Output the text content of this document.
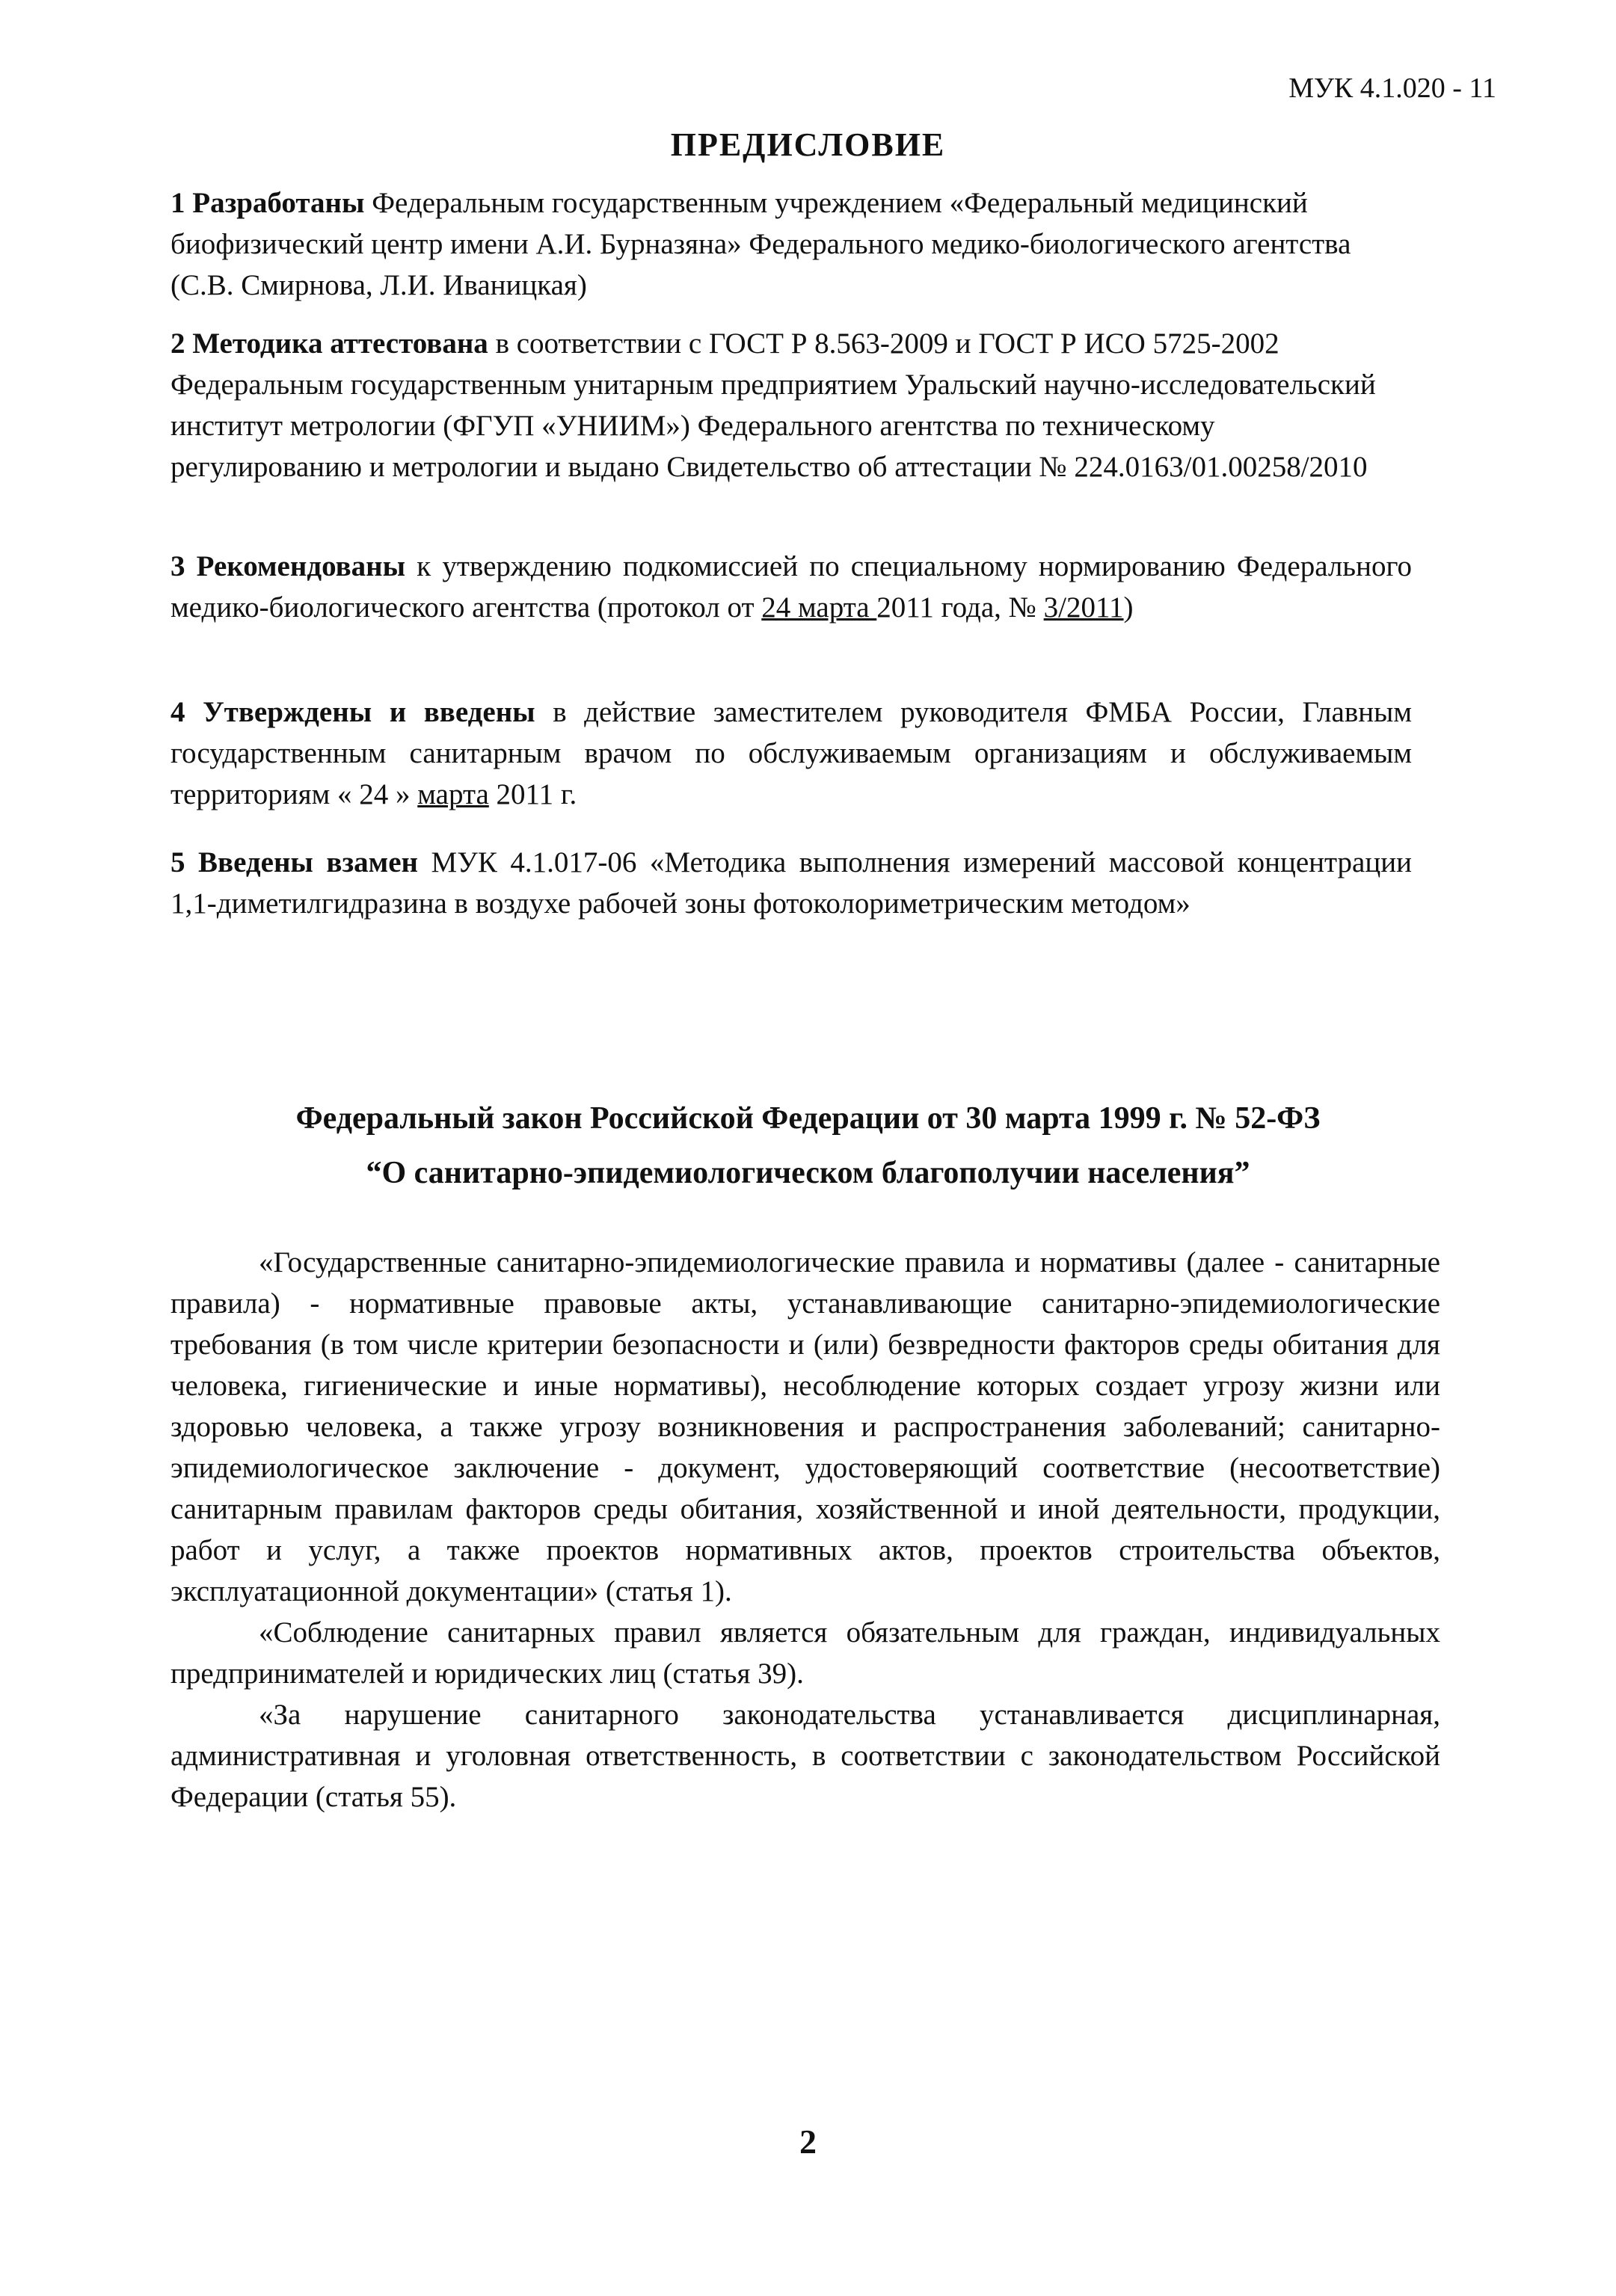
МУК 4.1.020 - 11
ПРЕДИСЛОВИЕ
1 Разработаны Федеральным государственным учреждением «Федеральный медицинский биофизический центр имени А.И. Бурназяна» Федерального медико-биологического агентства (С.В. Смирнова, Л.И. Иваницкая)
2 Методика аттестована в соответствии с ГОСТ Р 8.563-2009 и ГОСТ Р ИСО 5725-2002 Федеральным государственным унитарным предприятием Уральский научно-исследовательский институт метрологии (ФГУП «УНИИМ») Федерального агентства по техническому регулированию и метрологии и выдано Свидетельство об аттестации № 224.0163/01.00258/2010
3 Рекомендованы к утверждению подкомиссией по специальному нормированию Федерального медико-биологического агентства (протокол от 24 марта 2011 года, № 3/2011)
4 Утверждены и введены в действие заместителем руководителя ФМБА России, Главным государственным санитарным врачом по обслуживаемым организациям и обслуживаемым территориям « 24 » марта 2011 г.
5 Введены взамен МУК 4.1.017-06 «Методика выполнения измерений массовой концентрации 1,1-диметилгидразина в воздухе рабочей зоны фотоколориметрическим методом»
Федеральный закон Российской Федерации от 30 марта 1999 г. № 52-ФЗ
“О санитарно-эпидемиологическом благополучии населения”

«Государственные санитарно-эпидемиологические правила и нормативы (далее - санитарные правила) - нормативные правовые акты, устанавливающие санитарно-эпидемиологические требования (в том числе критерии безопасности и (или) безвредности факторов среды обитания для человека, гигиенические и иные нормативы), несоблюдение которых создает угрозу жизни или здоровью человека, а также угрозу возникновения и распространения заболеваний; санитарно-эпидемиологическое заключение - документ, удостоверяющий соответствие (несоответствие) санитарным правилам факторов среды обитания, хозяйственной и иной деятельности, продукции, работ и услуг, а также проектов нормативных актов, проектов строительства объектов, эксплуатационной документации» (статья 1).

«Соблюдение санитарных правил является обязательным для граждан, индивидуальных предпринимателей и юридических лиц (статья 39).

«За нарушение санитарного законодательства устанавливается дисциплинарная, административная и уголовная ответственность, в соответствии с законодательством Российской Федерации (статья 55).

2
